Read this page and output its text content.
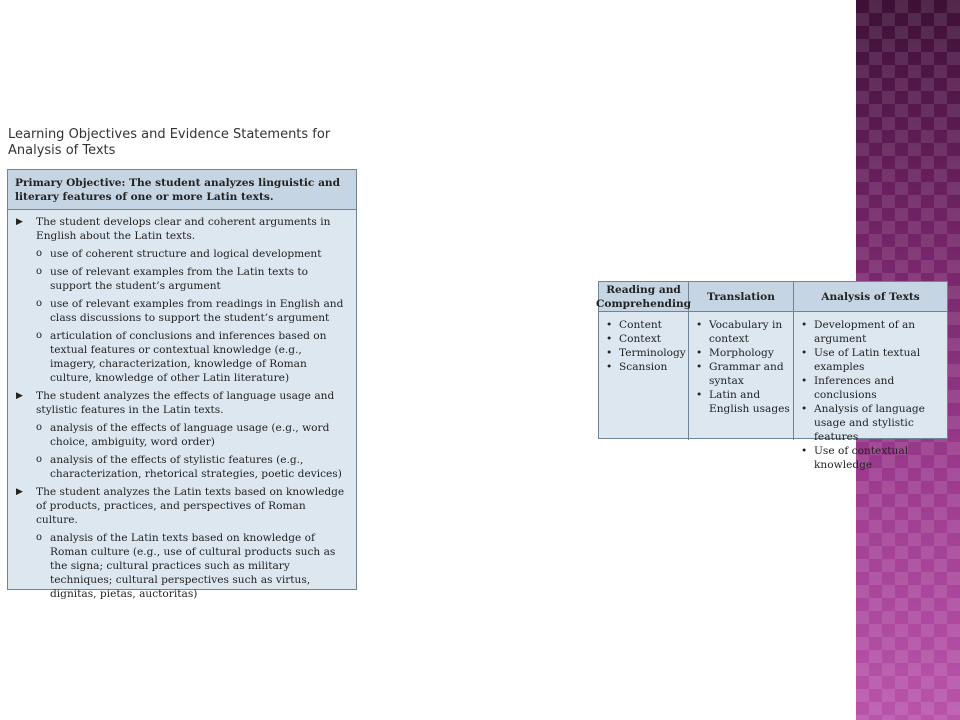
Learning Objectives and Evidence Statements for Analysis of Texts
Primary Objective: The student analyzes linguistic and literary features of one or more Latin texts.
▶ The student develops clear and coherent arguments in English about the Latin texts.
o use of coherent structure and logical development
o use of relevant examples from the Latin texts to support the student’s argument
o use of relevant examples from readings in English and class discussions to support the student’s argument
o articulation of conclusions and inferences based on textual features or contextual knowledge (e.g., imagery, characterization, knowledge of Roman culture, knowledge of other Latin literature)
▶ The student analyzes the effects of language usage and stylistic features in the Latin texts.
o analysis of the effects of language usage (e.g., word choice, ambiguity, word order)
o analysis of the effects of stylistic features (e.g., characterization, rhetorical strategies, poetic devices)
▶ The student analyzes the Latin texts based on knowledge of products, practices, and perspectives of Roman culture.
o analysis of the Latin texts based on knowledge of Roman culture (e.g., use of cultural products such as the signa; cultural practices such as military techniques; cultural perspectives such as virtus, dignitas, pietas, auctoritas)
Reading and Comprehending
Translation	Analysis of Texts
• Content
• Context
• Terminology
• Scansion
• Vocabulary in context
• Morphology
• Grammar and syntax
• Latin and English usages
• Development of an argument
• Use of Latin textual examples
• Inferences and conclusions
• Analysis of language usage and stylistic features
• Use of contextual knowledge
